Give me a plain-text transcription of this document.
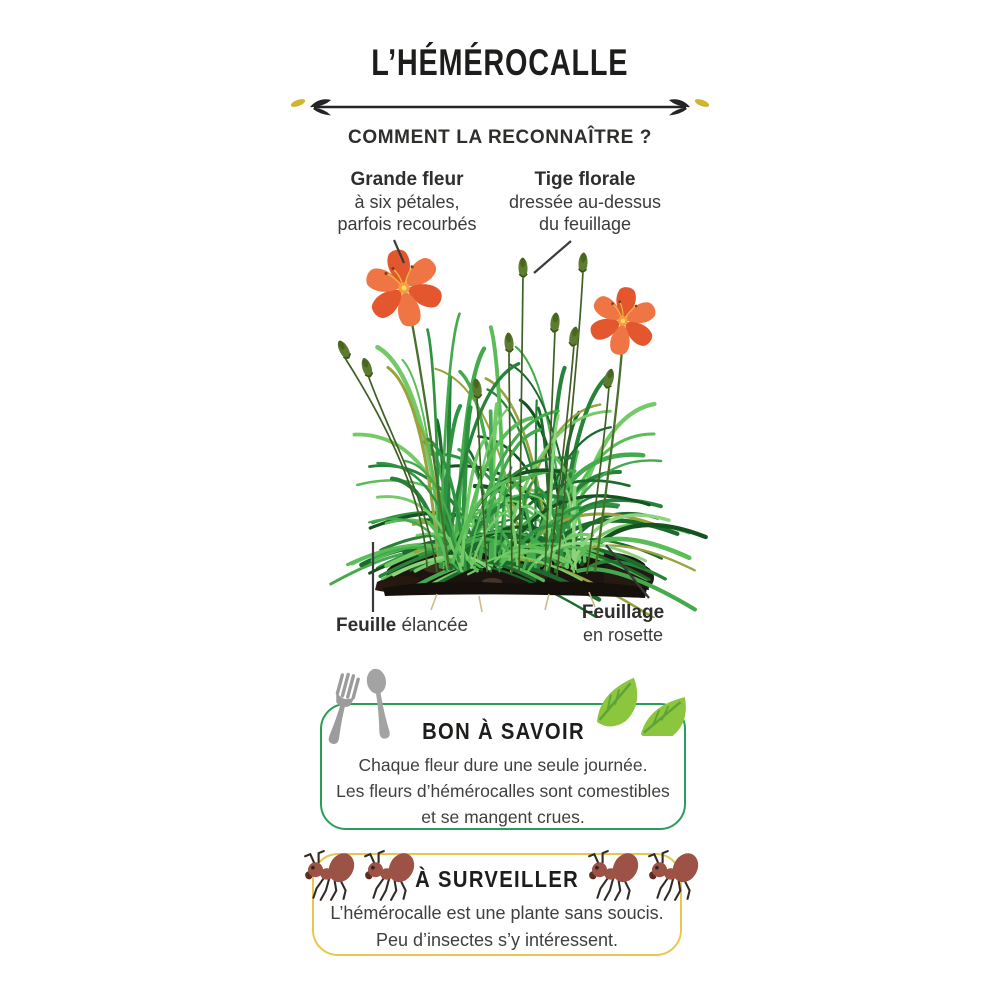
L’HÉMÉROCALLE
COMMENT LA RECONNAÎTRE ?
Grande fleur
à six pétales,
parfois recourbés
Tige florale
dressée au-dessus
du feuillage
Feuille élancée
Feuillage
en rosette
BON À SAVOIR
Chaque fleur dure une seule journée.
Les fleurs d’hémérocalles sont comestibles
et se mangent crues.
À SURVEILLER
L’hémérocalle est une plante sans soucis.
Peu d’insectes s’y intéressent.
